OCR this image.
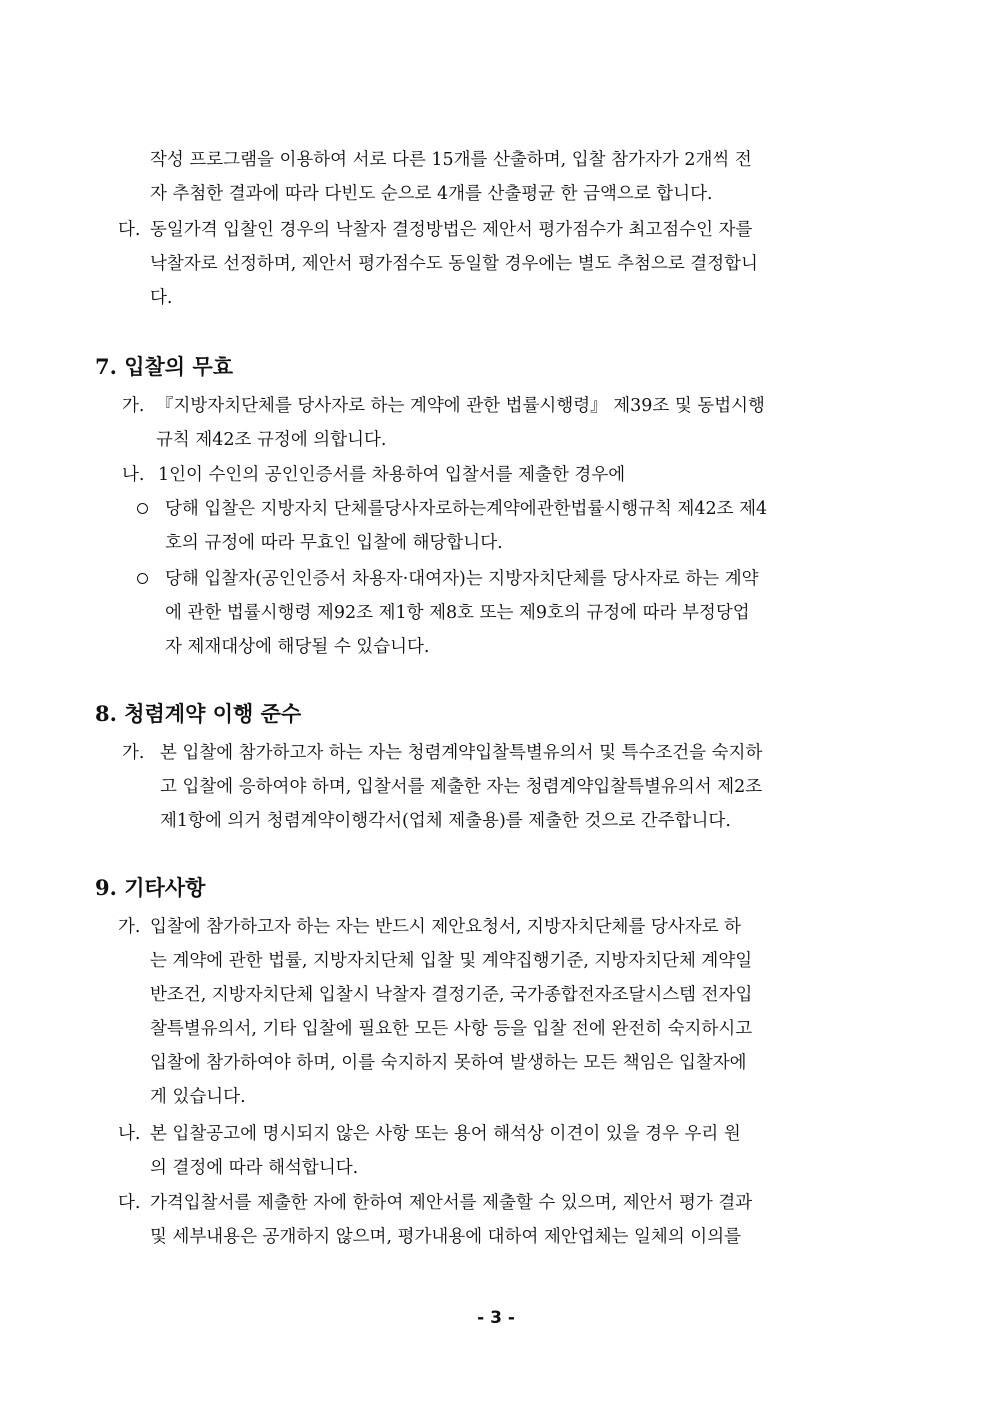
작성 프로그램을 이용하여 서로 다른 15개를 산출하며, 입찰 참가자가 2개씩 전
자 추첨한 결과에 따라 다빈도 순으로 4개를 산출평균 한 금액으로 합니다.
다. 동일가격 입찰인 경우의 낙찰자 결정방법은 제안서 평가점수가 최고점수인 자를
낙찰자로 선정하며, 제안서 평가점수도 동일할 경우에는 별도 추첨으로 결정합니
다.
7. 입찰의 무효
가. 『지방자치단체를 당사자로 하는 계약에 관한 법률시행령』 제39조 및 동법시행
규칙 제42조 규정에 의합니다.
나. 1인이 수인의 공인인증서를 차용하여 입찰서를 제출한 경우에
당해 입찰은 지방자치 단체를당사자로하는계약에관한법률시행규칙 제42조 제4
호의 규정에 따라 무효인 입찰에 해당합니다.
당해 입찰자(공인인증서 차용자·대여자)는 지방자치단체를 당사자로 하는 계약
에 관한 법률시행령 제92조 제1항 제8호 또는 제9호의 규정에 따라 부정당업
자 제재대상에 해당될 수 있습니다.
8. 청렴계약 이행 준수
가. 본 입찰에 참가하고자 하는 자는 청렴계약입찰특별유의서 및 특수조건을 숙지하
고 입찰에 응하여야 하며, 입찰서를 제출한 자는 청렴계약입찰특별유의서 제2조
제1항에 의거 청렴계약이행각서(업체 제출용)를 제출한 것으로 간주합니다.
9. 기타사항
가. 입찰에 참가하고자 하는 자는 반드시 제안요청서, 지방자치단체를 당사자로 하
는 계약에 관한 법률, 지방자치단체 입찰 및 계약집행기준, 지방자치단체 계약일
반조건, 지방자치단체 입찰시 낙찰자 결정기준, 국가종합전자조달시스템 전자입
찰특별유의서, 기타 입찰에 필요한 모든 사항 등을 입찰 전에 완전히 숙지하시고
입찰에 참가하여야 하며, 이를 숙지하지 못하여 발생하는 모든 책임은 입찰자에
게 있습니다.
나. 본 입찰공고에 명시되지 않은 사항 또는 용어 해석상 이견이 있을 경우 우리 원
의 결정에 따라 해석합니다.
다. 가격입찰서를 제출한 자에 한하여 제안서를 제출할 수 있으며, 제안서 평가 결과
및 세부내용은 공개하지 않으며, 평가내용에 대하여 제안업체는 일체의 이의를
- 3 -
